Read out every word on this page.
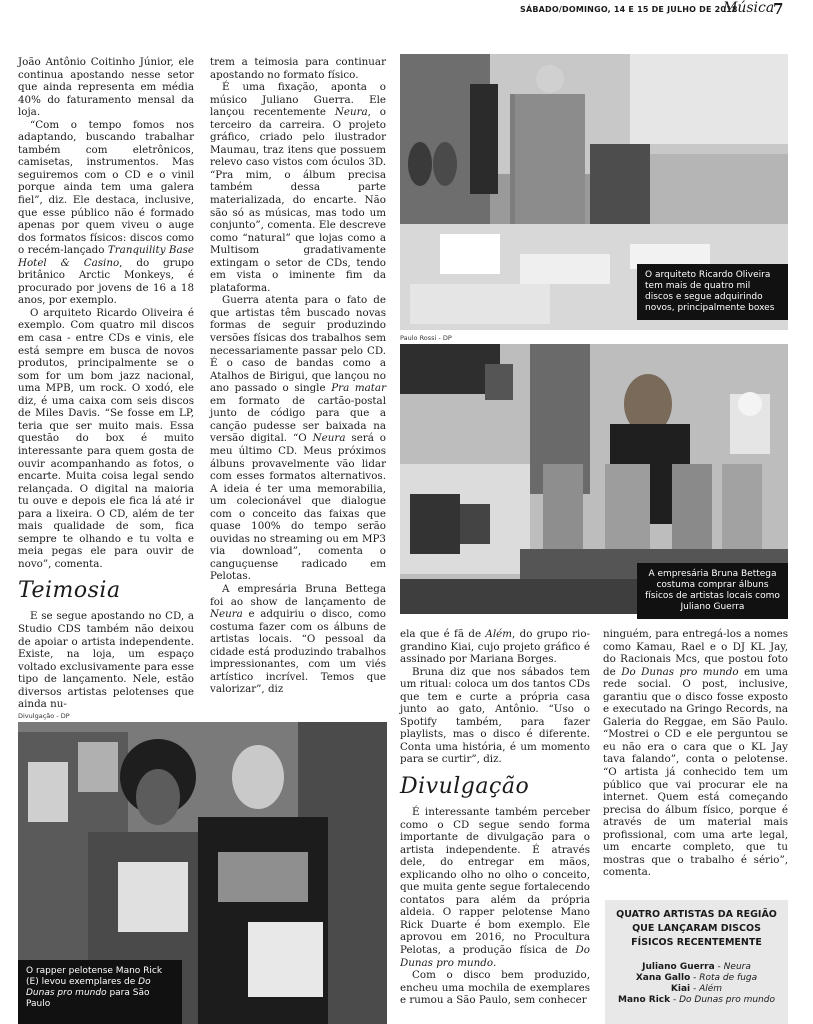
SÁBADO/DOMINGO, 14 E 15 DE JULHO DE 2018
Música
7

João Antônio Coitinho Júnior, ele continua apostando nesse setor que ainda representa em média 40% do faturamento mensal da loja.

“Com o tempo fomos nos adaptando, buscando trabalhar também com eletrônicos, camisetas, instrumentos. Mas seguiremos com o CD e o vinil porque ainda tem uma galera fiel”, diz. Ele destaca, inclusive, que esse público não é formado apenas por quem viveu o auge dos formatos físicos: discos como o recém-lançado Tranquility Base Hotel & Casino, do grupo britânico Arctic Monkeys, é procurado por jovens de 16 a 18 anos, por exemplo.

O arquiteto Ricardo Oliveira é exemplo. Com quatro mil discos em casa - entre CDs e vinis, ele está sempre em busca de novos produtos, principalmente se o som for um bom jazz nacional, uma MPB, um rock. O xodó, ele diz, é uma caixa com seis discos de Miles Davis. “Se fosse em LP, teria que ser muito mais. Essa questão do box é muito interessante para quem gosta de ouvir acompanhando as fotos, o encarte. Muita coisa legal sendo relançada. O digital na maioria tu ouve e depois ele fica lá até ir para a lixeira. O CD, além de ter mais qualidade de som, fica sempre te olhando e tu volta e meia pegas ele para ouvir de novo”, comenta.

Teimosia

E se segue apostando no CD, a Studio CDS também não deixou de apoiar o artista independente. Existe, na loja, um espaço voltado exclusivamente para esse tipo de lançamento. Nele, estão diversos artistas pelotenses que ainda nu-

trem a teimosia para continuar apostando no formato físico.

É uma fixação, aponta o músico Juliano Guerra. Ele lançou recentemente Neura, o terceiro da carreira. O projeto gráfico, criado pelo ilustrador Maumau, traz itens que possuem relevo caso vistos com óculos 3D. “Pra mim, o álbum precisa também dessa parte materializada, do encarte. Não são só as músicas, mas todo um conjunto”, comenta. Ele descreve como “natural” que lojas como a Multisom gradativamente extingam o setor de CDs, tendo em vista o iminente fim da plataforma.

Guerra atenta para o fato de que artistas têm buscado novas formas de seguir produzindo versões físicas dos trabalhos sem necessariamente passar pelo CD. É o caso de bandas como a Atalhos de Birigui, que lançou no ano passado o single Pra matar em formato de cartão-postal junto de código para que a canção pudesse ser baixada na versão digital. “O Neura será o meu último CD. Meus próximos álbuns provavelmente vão lidar com esses formatos alternativos. A ideia é ter uma memorabilia, um colecionável que dialogue com o conceito das faixas que quase 100% do tempo serão ouvidas no streaming ou em MP3 via download”, comenta o canguçuense radicado em Pelotas.

A empresária Bruna Bettega foi ao show de lançamento de Neura e adquiriu o disco, como costuma fazer com os álbuns de artistas locais. “O pessoal da cidade está produzindo trabalhos impressionantes, com um viés artístico incrível. Temos que valorizar”, diz

O arquiteto Ricardo Oliveira tem mais de quatro mil discos e segue adquirindo novos, principalmente boxes
Paulo Rossi - DP
A empresária Bruna Bettega costuma comprar álbuns físicos de artistas locais como Juliano Guerra
Divulgação - DP
O rapper pelotense Mano Rick (E) levou exemplares de Do Dunas pro mundo para São Paulo

ela que é fã de Além, do grupo rio-grandino Kiai, cujo projeto gráfico é assinado por Mariana Borges.

Bruna diz que nos sábados tem um ritual: coloca um dos tantos CDs que tem e curte a própria casa junto ao gato, Antônio. “Uso o Spotify também, para fazer playlists, mas o disco é diferente. Conta uma história, é um momento para se curtir”, diz.

Divulgação

É interessante também perceber como o CD segue sendo forma importante de divulgação para o artista independente. É através dele, do entregar em mãos, explicando olho no olho o conceito, que muita gente segue fortalecendo contatos para além da própria aldeia. O rapper pelotense Mano Rick Duarte é bom exemplo. Ele aprovou em 2016, no Procultura Pelotas, a produção física de Do Dunas pro mundo.

Com o disco bem produzido, encheu uma mochila de exemplares e rumou a São Paulo, sem conhecer

ninguém, para entregá-los a nomes como Kamau, Rael e o DJ KL Jay, do Racionais Mcs, que postou foto de Do Dunas pro mundo em uma rede social. O post, inclusive, garantiu que o disco fosse exposto e executado na Gringo Records, na Galeria do Reggae, em São Paulo. “Mostrei o CD e ele perguntou se eu não era o cara que o KL Jay tava falando”, conta o pelotense. “O artista já conhecido tem um público que vai procurar ele na internet. Quem está começando precisa do álbum físico, porque é através de um material mais profissional, com uma arte legal, um encarte completo, que tu mostras que o trabalho é sério”, comenta.

QUATRO ARTISTAS DA REGIÃO QUE LANÇARAM DISCOS FÍSICOS RECENTEMENTE
Juliano Guerra - Neura
Xana Gallo - Rota de fuga
Kiai - Além
Mano Rick - Do Dunas pro mundo
